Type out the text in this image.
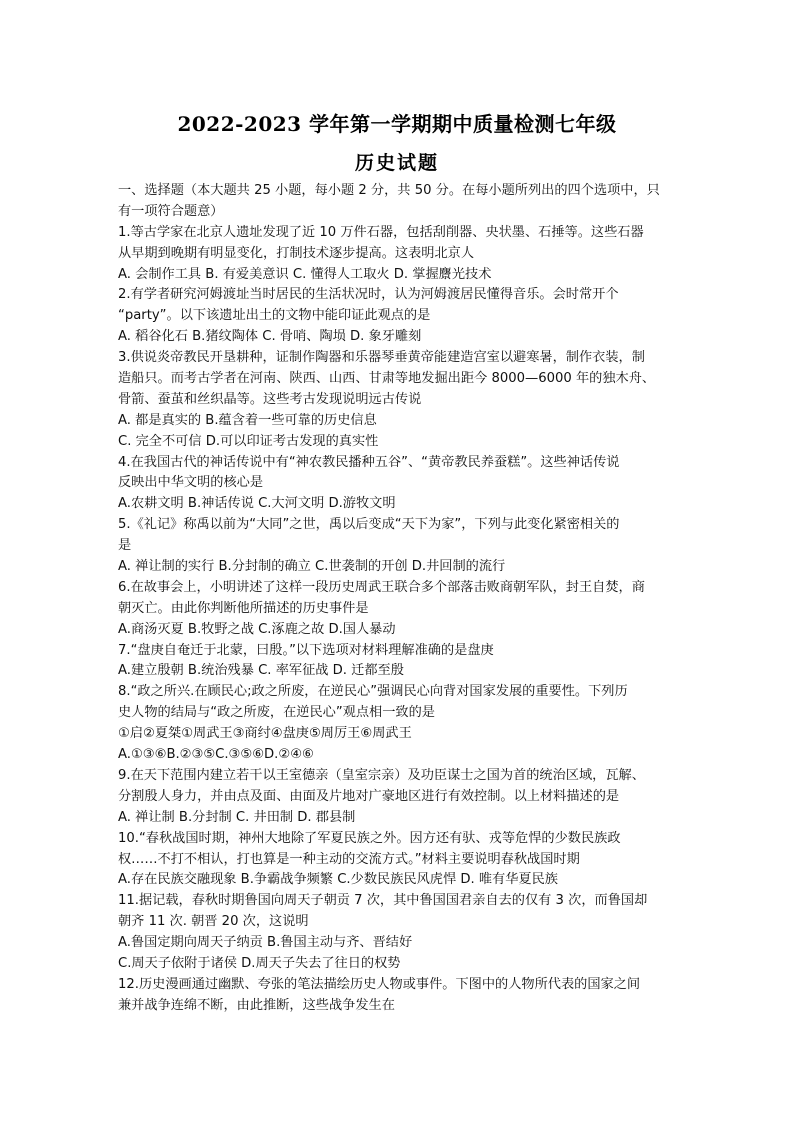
2022-2023 学年第一学期期中质量检测七年级
历史试题
一、选择题（本大题共 25 小题，每小题 2 分，共 50 分。在每小题所列出的四个选项中，只
有一项符合题意）
1.等古学家在北京人遗址发现了近 10 万件石器，包括刮削器、央状墨、石捶等。这些石器
从早期到晚期有明显变化，打制技术逐步提高。这表明北京人
A. 会制作工具 B. 有爱美意识 C. 懂得人工取火 D. 掌握麖光技术
2.有学者研究河姆渡址当时居民的生活状况时，认为河姆渡居民懂得音乐。会时常开个
“party”。以下该遗址出土的文物中能印证此观点的是
A. 稻谷化石 B.猪纹陶体 C. 骨哨、陶埙 D. 象牙雕刻
3.供说炎帝教民开垦耕种，证制作陶器和乐器琴垂黄帝能建造宫室以避寒暑，制作衣装，制
造船只。而考古学者在河南、陕西、山西、甘肃等地发掘出距今 8000—6000 年的独木舟、
骨箭、蚕茧和丝织晶等。这些考古发现说明远古传说
A. 都是真实的 B.蕴含着一些可靠的历史信息
C. 完全不可信 D.可以印证考古发现的真实性
4.在我国古代的神话传说中有“神农教民播种五谷”、“黄帝教民养蚕糕”。这些神话传说
反映出中华文明的核心是
A.农耕文明 B.神话传说 C.大河文明 D.游牧文明
5.《礼记》称禹以前为“大同”之世，禹以后变成“天下为家”，下列与此变化紧密相关的
是
A. 禅让制的实行 B.分封制的确立 C.世袭制的开创 D.井回制的流行
6.在故事会上，小明讲述了这样一段历史周武王联合多个部落击败商朝军队，封王自焚，商
朝灭亡。由此你判断他所描述的历史事件是
A.商汤灭夏 B.牧野之战 C.涿鹿之故 D.国人暴动
7.“盘庚自奄迁于北蒙，曰殷。”以下选项对材料理解准确的是盘庚
A.建立殷朝 B.统治残暴 C. 率军征战 D. 迁都至殷
8.“政之所兴.在顾民心;政之所废，在逆民心”强调民心向背对国家发展的重要性。下列历
史人物的结局与“政之所废，在逆民心”观点相一致的是
①启②夏桀①周武王③商纣④盘庚⑤周厉王⑥周武王
A.①③⑥B.②③⑤C.③⑤⑥D.②④⑥
9.在天下范围内建立若干以王室德亲（皇室宗亲）及功臣谋士之国为首的统治区域，瓦解、
分割殷人身力，并由点及面、由面及片地对广豪地区进行有效控制。以上材料描述的是
A. 禅让制 B.分封制 C. 井田制 D. 郡县制
10.“春秋战国时期，神州大地除了军夏民族之外。因方还有驮、戎等危悍的少数民族政
权……不打不相认，打也算是一种主动的交流方式。”材料主要说明春秋战国时期
A.存在民族交融现象 B.争霸战争频繁 C.少数民族民风虎悍 D. 唯有华夏民族
11.据记载，春秋时期鲁国向周天子朝贡 7 次，其中鲁国国君亲自去的仅有 3 次，而鲁国却
朝齐 11 次. 朝晋 20 次，这说明
A.鲁国定期向周天子纳贡 B.鲁国主动与齐、晋结好
C.周天子依附于诸侯 D.周天子失去了往日的权势
12.历史漫画通过幽默、夸张的笔法描绘历史人物或事件。下图中的人物所代表的国家之间
兼并战争连绵不断，由此推断，这些战争发生在
